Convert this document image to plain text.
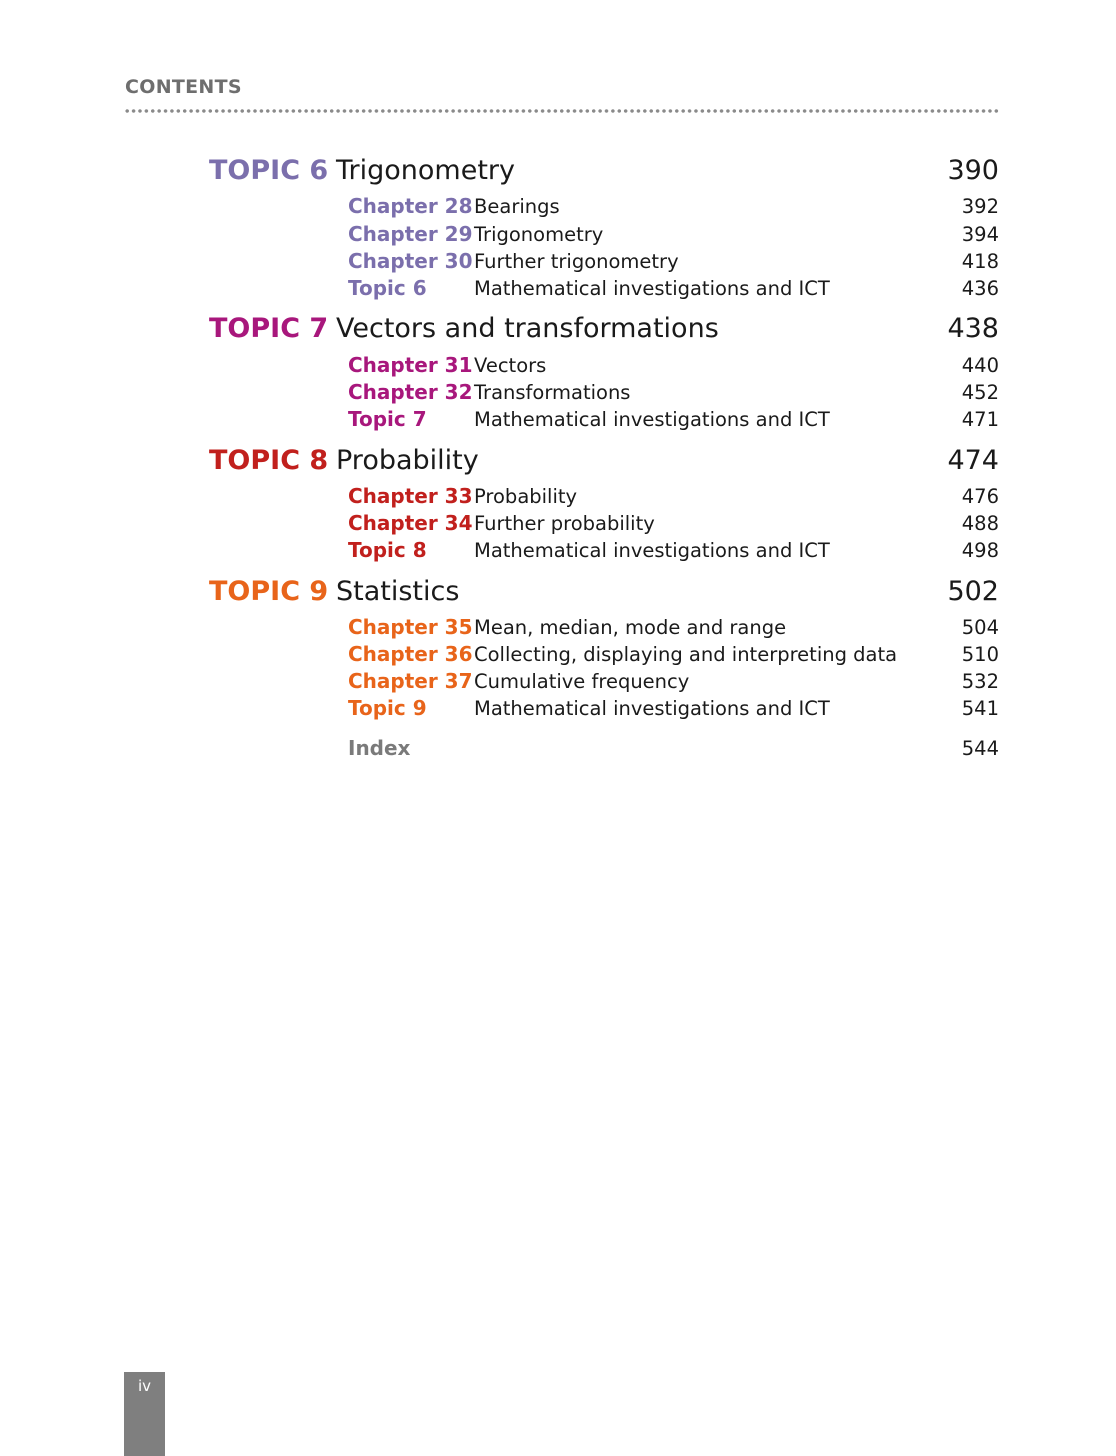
CONTENTS
TOPIC 6 Trigonometry	390
Chapter 28 Bearings	392
Chapter 29 Trigonometry	394
Chapter 30 Further trigonometry	418
Topic 6 Mathematical investigations and ICT	436
TOPIC 7 Vectors and transformations	438
Chapter 31 Vectors	440
Chapter 32 Transformations	452
Topic 7 Mathematical investigations and ICT	471
TOPIC 8 Probability	474
Chapter 33 Probability	476
Chapter 34 Further probability	488
Topic 8 Mathematical investigations and ICT	498
TOPIC 9 Statistics	502
Chapter 35 Mean, median, mode and range	504
Chapter 36 Collecting, displaying and interpreting data	510
Chapter 37 Cumulative frequency	532
Topic 9 Mathematical investigations and ICT	541
Index	544
iv
